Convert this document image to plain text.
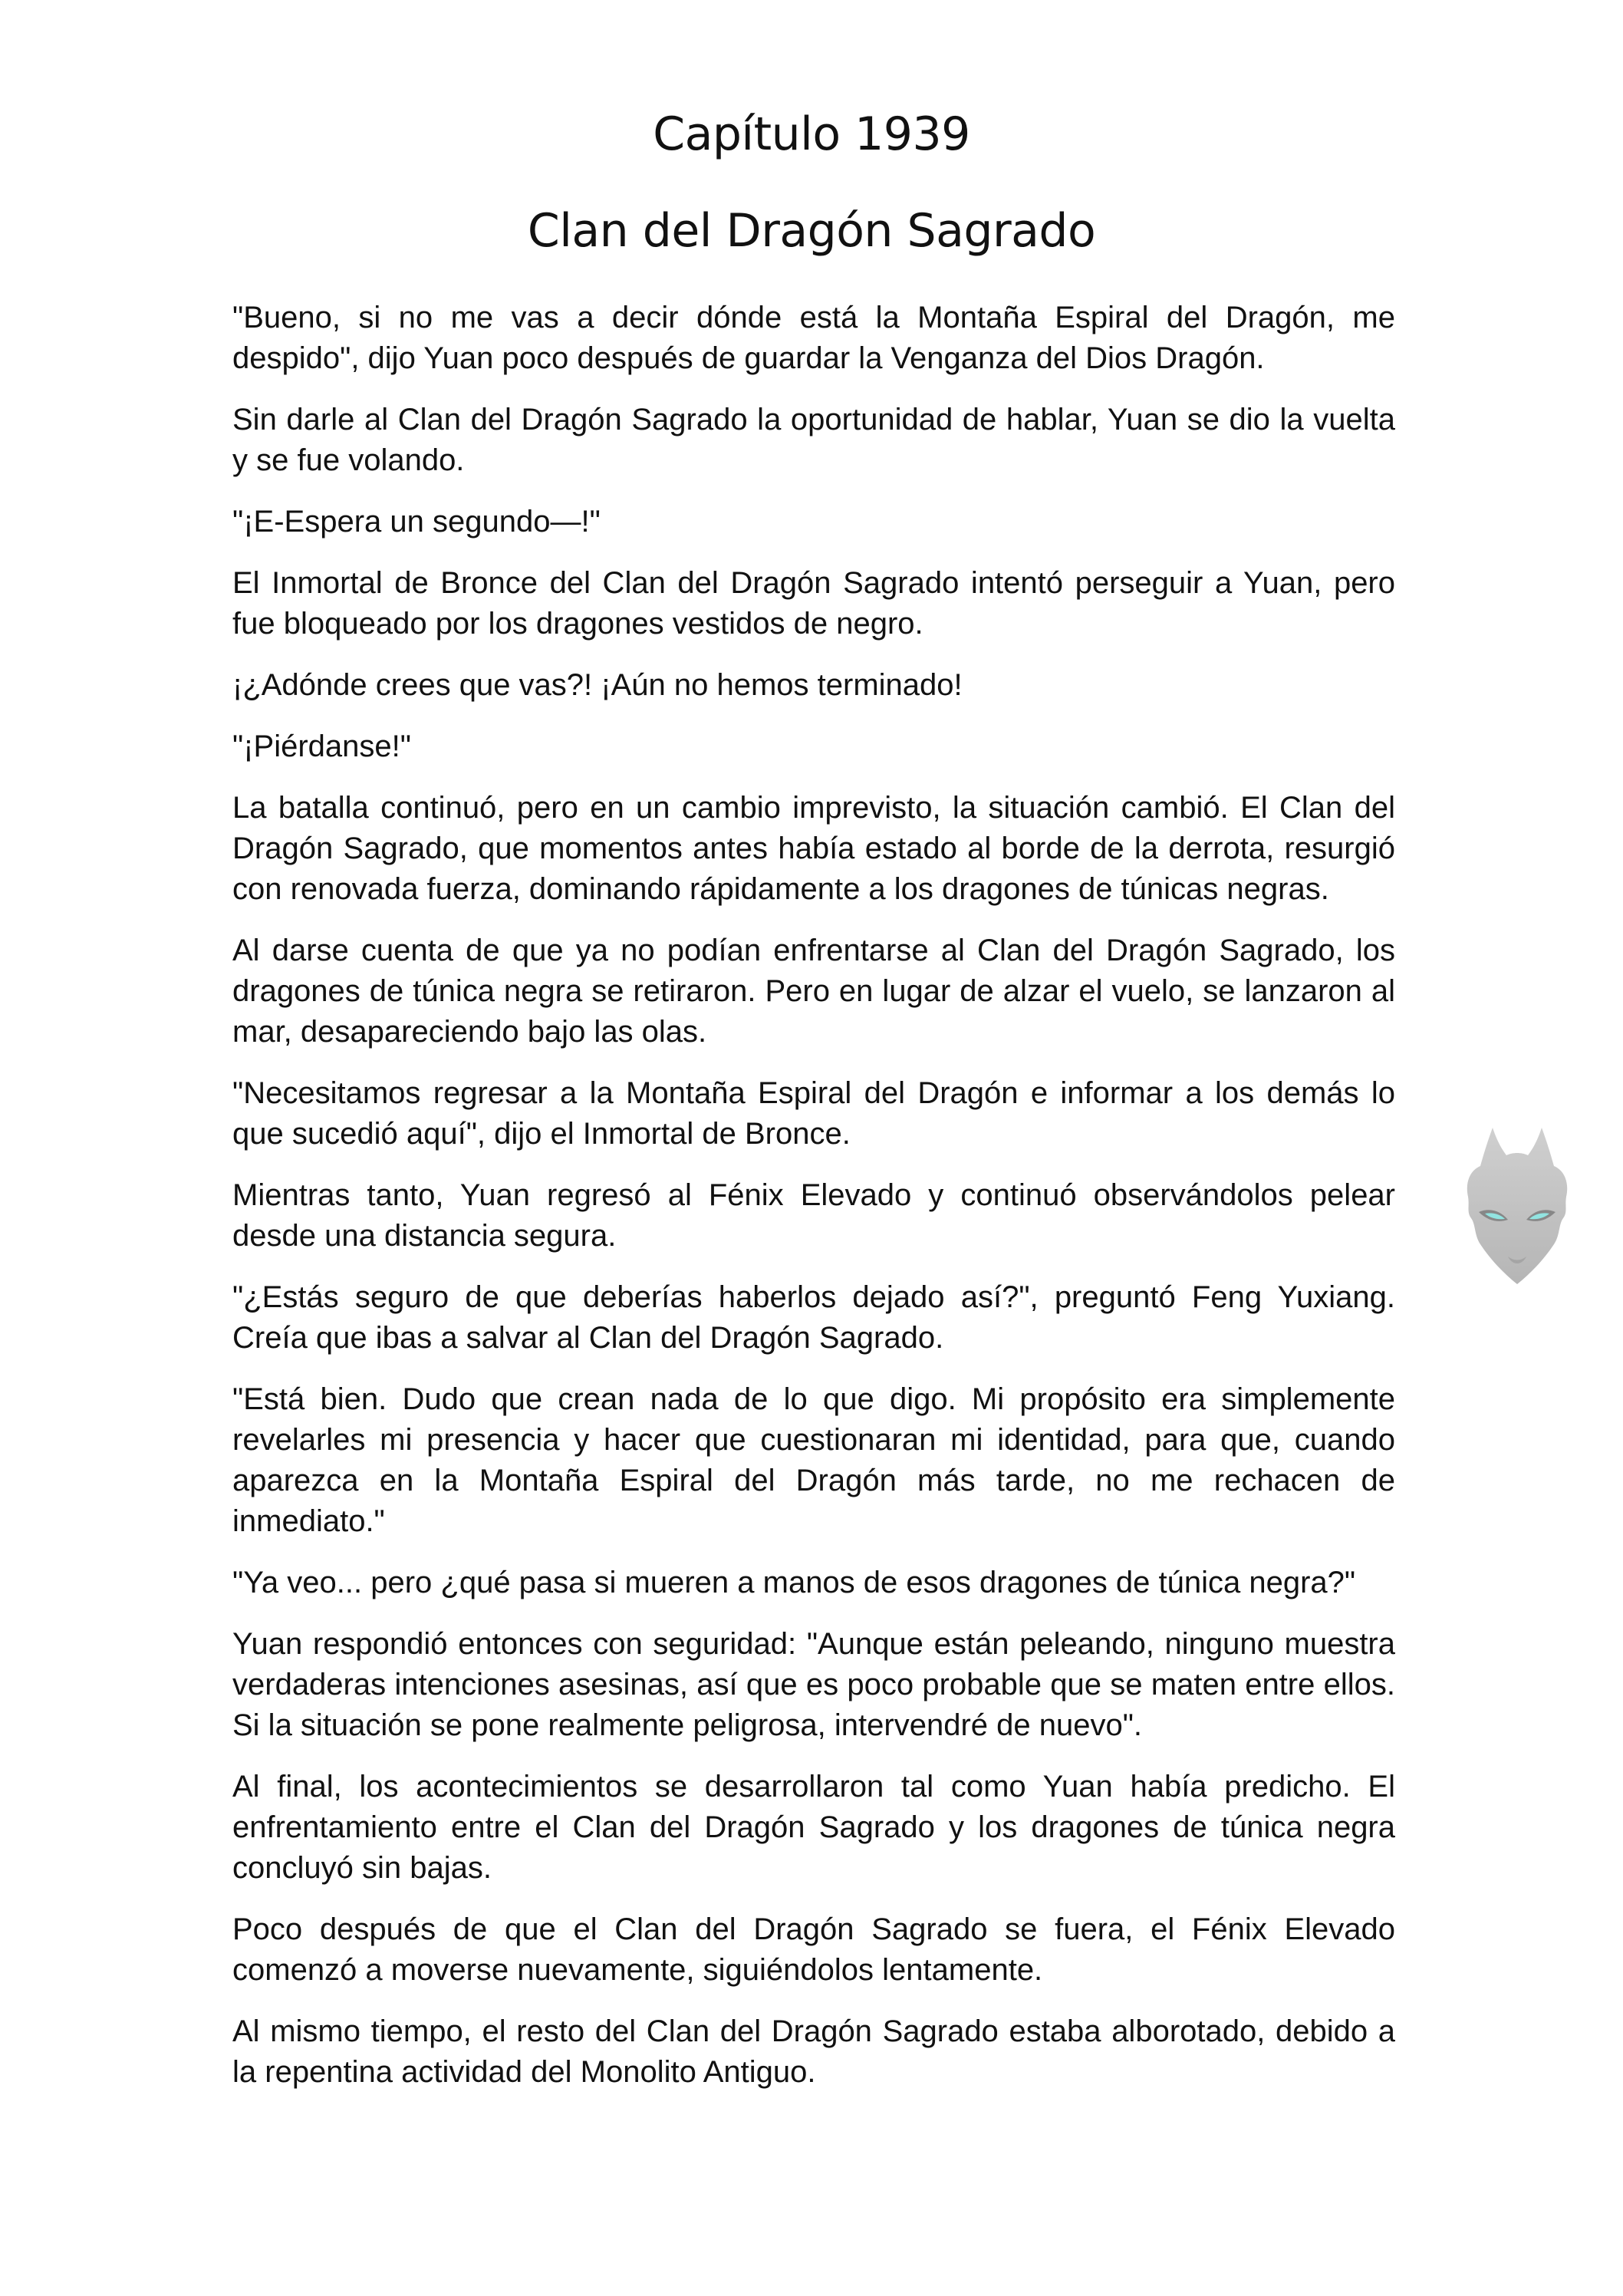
Capítulo 1939
Clan del Dragón Sagrado

"Bueno, si no me vas a decir dónde está la Montaña Espiral del Dragón, me despido", dijo Yuan poco después de guardar la Venganza del Dios Dragón.

Sin darle al Clan del Dragón Sagrado la oportunidad de hablar, Yuan se dio la vuelta y se fue volando.

"¡E-Espera un segundo—!"

El Inmortal de Bronce del Clan del Dragón Sagrado intentó perseguir a Yuan, pero fue bloqueado por los dragones vestidos de negro.

¡¿Adónde crees que vas?! ¡Aún no hemos terminado!

"¡Piérdanse!"

La batalla continuó, pero en un cambio imprevisto, la situación cambió. El Clan del Dragón Sagrado, que momentos antes había estado al borde de la derrota, resurgió con renovada fuerza, dominando rápidamente a los dragones de túnicas negras.

Al darse cuenta de que ya no podían enfrentarse al Clan del Dragón Sagrado, los dragones de túnica negra se retiraron. Pero en lugar de alzar el vuelo, se lanzaron al mar, desapareciendo bajo las olas.

"Necesitamos regresar a la Montaña Espiral del Dragón e informar a los demás lo que sucedió aquí", dijo el Inmortal de Bronce.

Mientras tanto, Yuan regresó al Fénix Elevado y continuó observándolos pelear desde una distancia segura.

"¿Estás seguro de que deberías haberlos dejado así?", preguntó Feng Yuxiang. Creía que ibas a salvar al Clan del Dragón Sagrado.

"Está bien. Dudo que crean nada de lo que digo. Mi propósito era simplemente revelarles mi presencia y hacer que cuestionaran mi identidad, para que, cuando aparezca en la Montaña Espiral del Dragón más tarde, no me rechacen de inmediato."

"Ya veo... pero ¿qué pasa si mueren a manos de esos dragones de túnica negra?"

Yuan respondió entonces con seguridad: "Aunque están peleando, ninguno muestra verdaderas intenciones asesinas, así que es poco probable que se maten entre ellos. Si la situación se pone realmente peligrosa, intervendré de nuevo".

Al final, los acontecimientos se desarrollaron tal como Yuan había predicho. El enfrentamiento entre el Clan del Dragón Sagrado y los dragones de túnica negra concluyó sin bajas.

Poco después de que el Clan del Dragón Sagrado se fuera, el Fénix Elevado comenzó a moverse nuevamente, siguiéndolos lentamente.

Al mismo tiempo, el resto del Clan del Dragón Sagrado estaba alborotado, debido a la repentina actividad del Monolito Antiguo.
